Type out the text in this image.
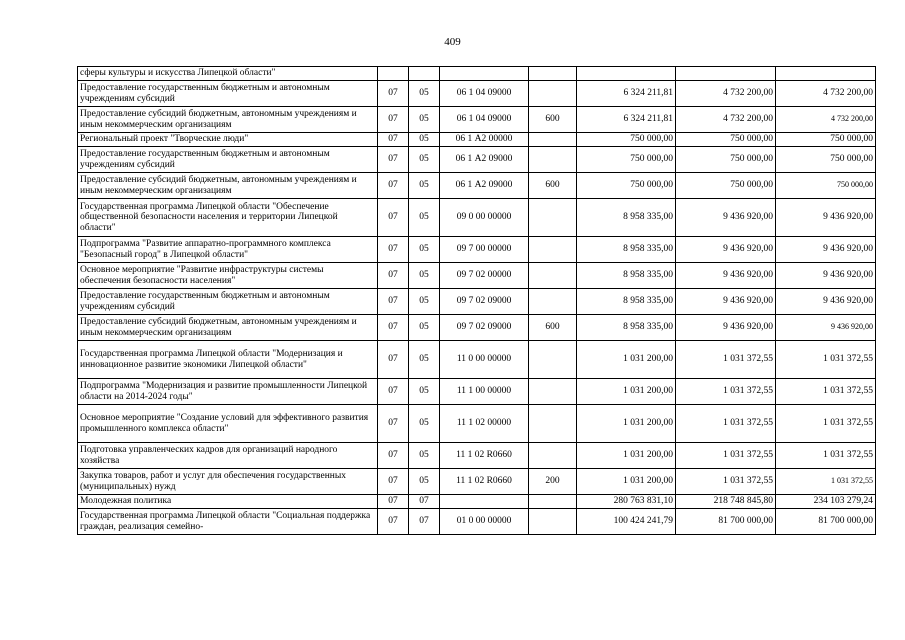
409
сферы культуры и искусства Липецкой области"							
Предоставление государственным бюджетным и автономным учреждениям субсидий	07	05	06 1 04 09000		6 324 211,81	4 732 200,00	4 732 200,00
Предоставление субсидий бюджетным, автономным учреждениям и иным некоммерческим организациям	07	05	06 1 04 09000	600	6 324 211,81	4 732 200,00	4 732 200,00
Региональный проект "Творческие люди"	07	05	06 1 А2 00000		750 000,00	750 000,00	750 000,00
Предоставление государственным бюджетным и автономным учреждениям субсидий	07	05	06 1 А2 09000		750 000,00	750 000,00	750 000,00
Предоставление субсидий бюджетным, автономным учреждениям и иным некоммерческим организациям	07	05	06 1 А2 09000	600	750 000,00	750 000,00	750 000,00
Государственная программа Липецкой области "Обеспечение общественной безопасности населения и территории Липецкой области"	07	05	09 0 00 00000		8 958 335,00	9 436 920,00	9 436 920,00
Подпрограмма "Развитие аппаратно-программного комплекса "Безопасный город" в Липецкой области"	07	05	09 7 00 00000		8 958 335,00	9 436 920,00	9 436 920,00
Основное мероприятие "Развитие инфраструктуры системы обеспечения безопасности населения"	07	05	09 7 02 00000		8 958 335,00	9 436 920,00	9 436 920,00
Предоставление государственным бюджетным и автономным учреждениям субсидий	07	05	09 7 02 09000		8 958 335,00	9 436 920,00	9 436 920,00
Предоставление субсидий бюджетным, автономным учреждениям и иным некоммерческим организациям	07	05	09 7 02 09000	600	8 958 335,00	9 436 920,00	9 436 920,00
Государственная программа Липецкой области "Модернизация и инновационное развитие экономики Липецкой области"	07	05	11 0 00 00000		1 031 200,00	1 031 372,55	1 031 372,55
Подпрограмма "Модернизация и развитие промышленности Липецкой области на 2014-2024 годы"	07	05	11 1 00 00000		1 031 200,00	1 031 372,55	1 031 372,55
Основное мероприятие "Создание условий для эффективного развития промышленного комплекса области"	07	05	11 1 02 00000		1 031 200,00	1 031 372,55	1 031 372,55
Подготовка управленческих кадров для организаций народного хозяйства	07	05	11 1 02 R0660		1 031 200,00	1 031 372,55	1 031 372,55
Закупка товаров, работ и услуг для обеспечения государственных (муниципальных) нужд	07	05	11 1 02 R0660	200	1 031 200,00	1 031 372,55	1 031 372,55
Молодежная политика	07	07			280 763 831,10	218 748 845,80	234 103 279,24
Государственная программа Липецкой области "Социальная поддержка граждан, реализация семейно-	07	07	01 0 00 00000		100 424 241,79	81 700 000,00	81 700 000,00
